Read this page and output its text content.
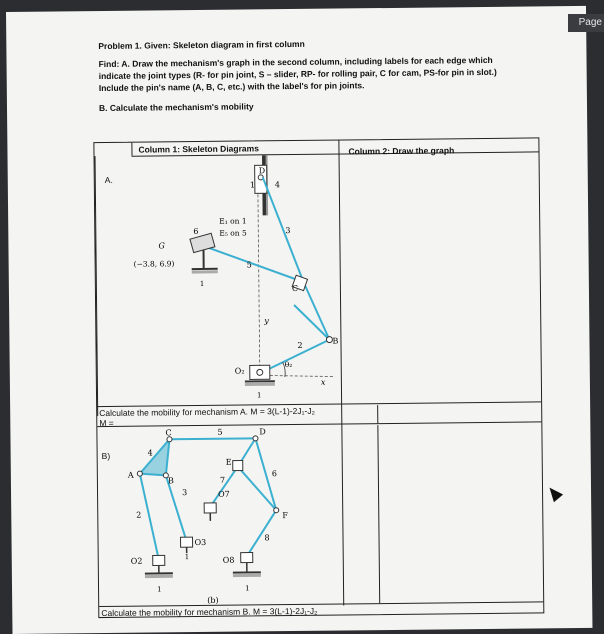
Problem 1. Given: Skeleton diagram in first column
Find: A. Draw the mechanism's graph in the second column, including labels for each edge which
indicate the joint types (R- for pin joint, S – slider, RP- for rolling pair, C for cam, PS-for pin in slot.)
Include the pin's name (A, B, C, etc.) with the label's for pin joints.
B. Calculate the mechanism's mobility
Column 1: Skeleton Diagrams	Column 2: Draw the graph
A.
B)
Calculate the mobility for mechanism A. M = 3(L-1)-2J₁-J₂
M =
Calculate the mobility for mechanism B. M = 3(L-1)-2J₁-J₂
D
1 4
3
E₁ on 1
E₅ on 5
6
G
(−3.8, 6.9)	5
C
1
B
y
2
θ₂
x
O₂
1
C
4
A
B
5	D
E
7
O7
6
3
2	F
O3
8
O2	O8
1
1
1
(b)
Page
